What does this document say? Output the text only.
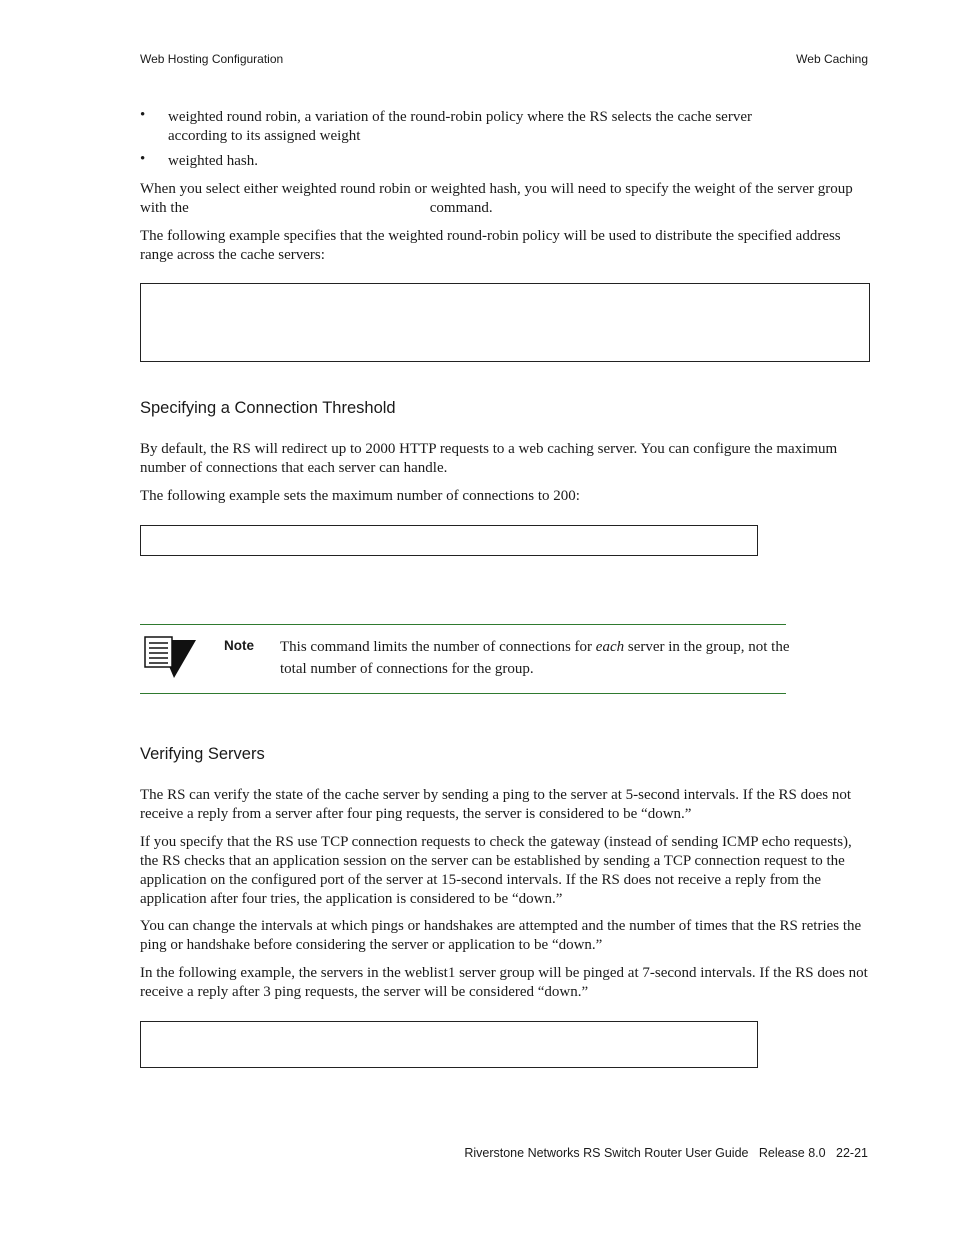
Web Hosting Configuration	Web Caching
• weighted round robin, a variation of the round-robin policy where the RS selects the cache server according to its assigned weight
• weighted hash.
When you select either weighted round robin or weighted hash, you will need to specify the weight of the server group with the	command.
The following example specifies that the weighted round-robin policy will be used to distribute the specified address range across the cache servers:
Specifying a Connection Threshold
By default, the RS will redirect up to 2000 HTTP requests to a web caching server. You can configure the maximum number of connections that each server can handle.
The following example sets the maximum number of connections to 200:
Note This command limits the number of connections for each server in the group, not the total number of connections for the group.
Verifying Servers
The RS can verify the state of the cache server by sending a ping to the server at 5-second intervals. If the RS does not receive a reply from a server after four ping requests, the server is considered to be “down.”
If you specify that the RS use TCP connection requests to check the gateway (instead of sending ICMP echo requests), the RS checks that an application session on the server can be established by sending a TCP connection request to the application on the configured port of the server at 15-second intervals. If the RS does not receive a reply from the application after four tries, the application is considered to be “down.”
You can change the intervals at which pings or handshakes are attempted and the number of times that the RS retries the ping or handshake before considering the server or application to be “down.”
In the following example, the servers in the weblist1 server group will be pinged at 7-second intervals. If the RS does not receive a reply after 3 ping requests, the server will be considered “down.”
Riverstone Networks RS Switch Router User Guide   Release 8.0   22-21
